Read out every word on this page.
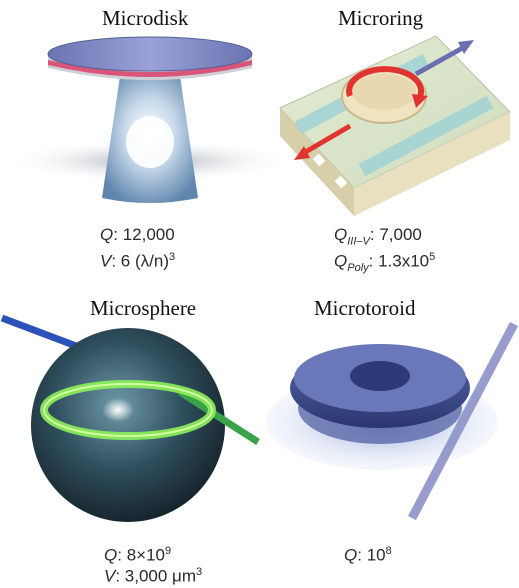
Microdisk
Q: 12,000
V: 6 $(\lambda/n)^3$
Microring
$Q_{III-V}$: 7,000
$Q_{Poly}$: $1.3x10^5$
Microsphere
Q: $8\times 10^9$
V: 3,000 $\mu m^3$
Microtoroid
Q: $10^8$
